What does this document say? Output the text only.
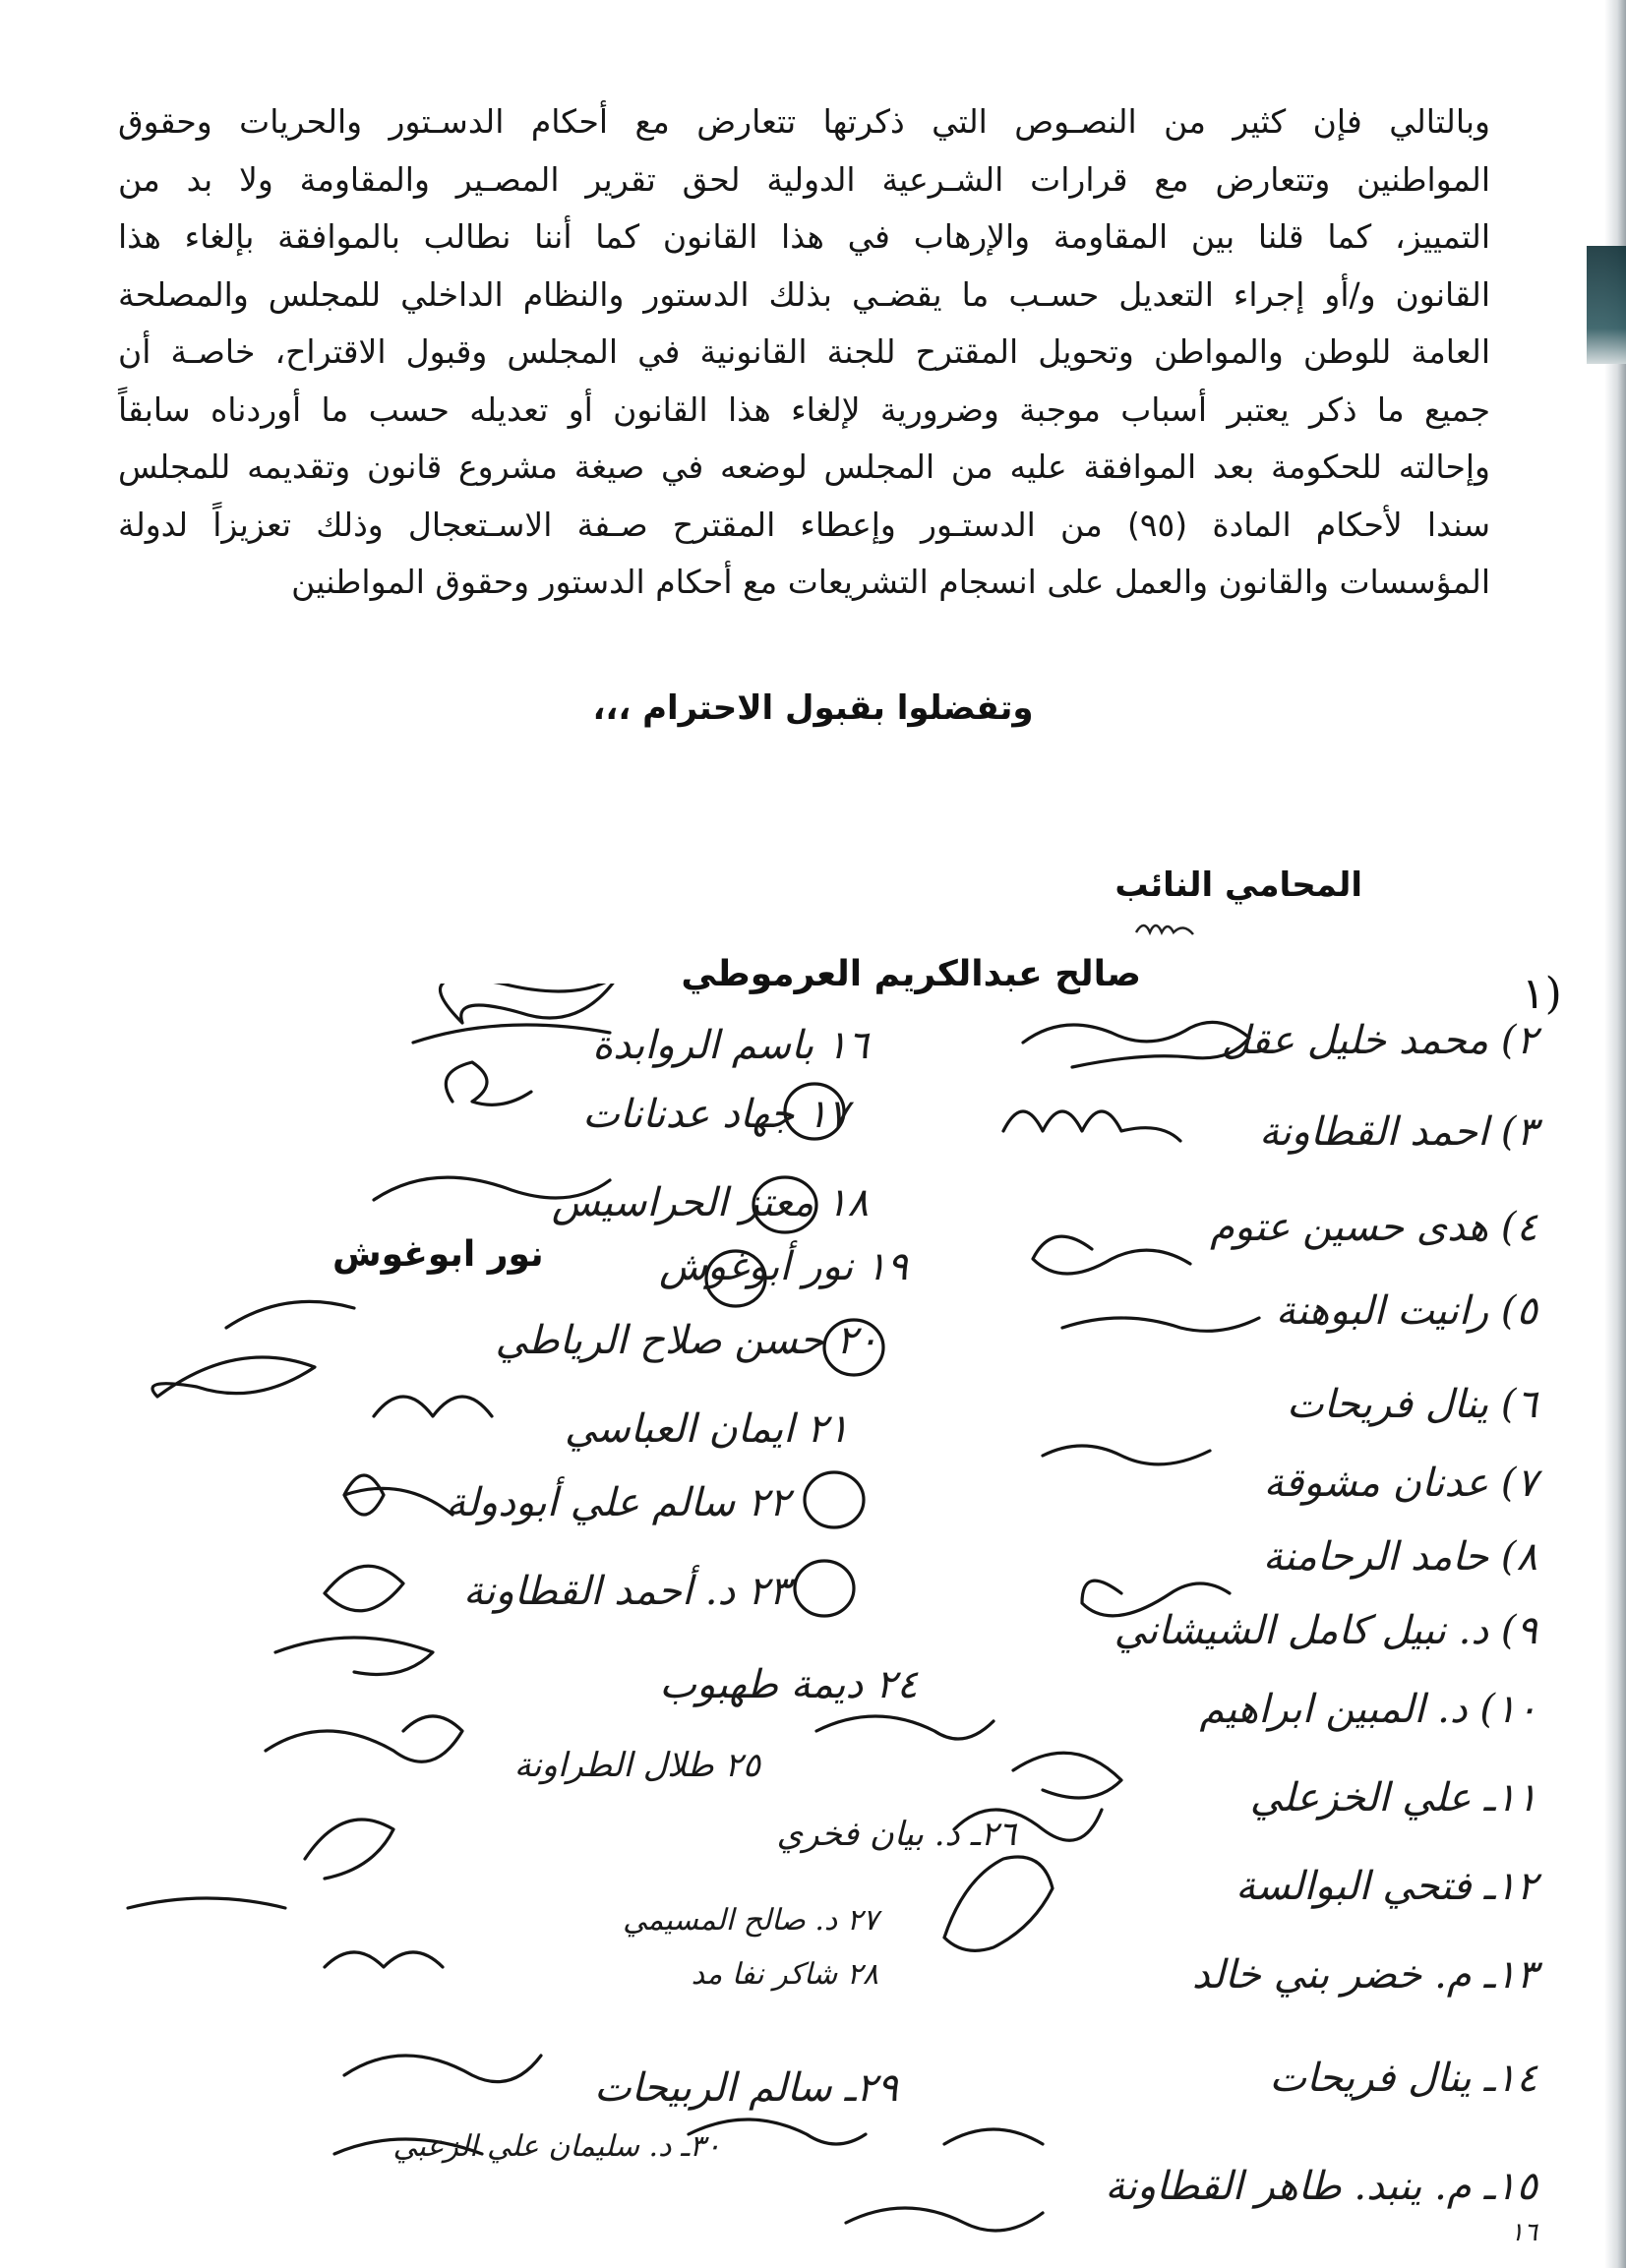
وبالتالي فإن كثير من النصـوص التي ذكرتها تتعارض مع أحكام الدسـتور والحريات وحقوق
المواطنين وتتعارض مع قرارات الشـرعية الدولية لحق تقرير المصـير والمقاومة ولا بد من
التمييز، كما قلنا بين المقاومة والإرهاب في هذا القانون كما أننا نطالب بالموافقة بإلغاء هذا
القانون و/أو إجراء التعديل حسـب ما يقضـي بذلك الدستور والنظام الداخلي للمجلس والمصلحة
العامة للوطن والمواطن وتحويل المقترح للجنة القانونية في المجلس وقبول الاقتراح، خاصـة أن
جميع ما ذكر يعتبر أسباب موجبة وضرورية لإلغاء هذا القانون أو تعديله حسب ما أوردناه سابقاً
وإحالته للحكومة بعد الموافقة عليه من المجلس لوضعه في صيغة مشروع قانون وتقديمه للمجلس
سندا لأحكام المادة (٩٥) من الدستـور وإعطاء المقترح صـفة الاسـتعجال وذلك تعزيزاً لدولة
المؤسسات والقانون والعمل على انسجام التشريعات مع أحكام الدستور وحقوق المواطنين
وتفضلوا بقبول الاحترام ،،،
المحامي النائب
صالح عبدالكريم العرموطي	١)
٢) محمد خليل عقل
٣) احمد القطاونة
٤) هدى حسين عتوم
٥) رانيت البوهنة
٦) ينال فريحات
٧) عدنان مشوقة
٨) حامد الرحامنة
٩) د. نبيل كامل الشيشاني
١٠) د. المبين ابراهيم
١١ـ علي الخزعلي
١٢ـ فتحي البوالسة
١٣ـ م. خضر بني خالد
١٤ـ ينال فريحات
١٥ـ م. ينبد. طاهر القطاونة
١٦
١٦ باسم الروابدة
١٧ جهاد عدنانات
١٨ معتز الحراسيس
١٩ نور أبوغوش
٢٠ حسن صلاح الرياطي
٢١ ايمان العباسي
٢٢ سالم علي أبودولة
٢٣ د. أحمد القطاونة
٢٤ ديمة طهبوب
٢٥ طلال الطراونة
٢٦ـ د. بيان فخري
٢٧ د. صالح المسيمي
٢٨ شاكر نفا مد
٢٩ـ سالم الربيحات
٣٠ـ د. سليمان علي الزعبي
نور ابوغوش
